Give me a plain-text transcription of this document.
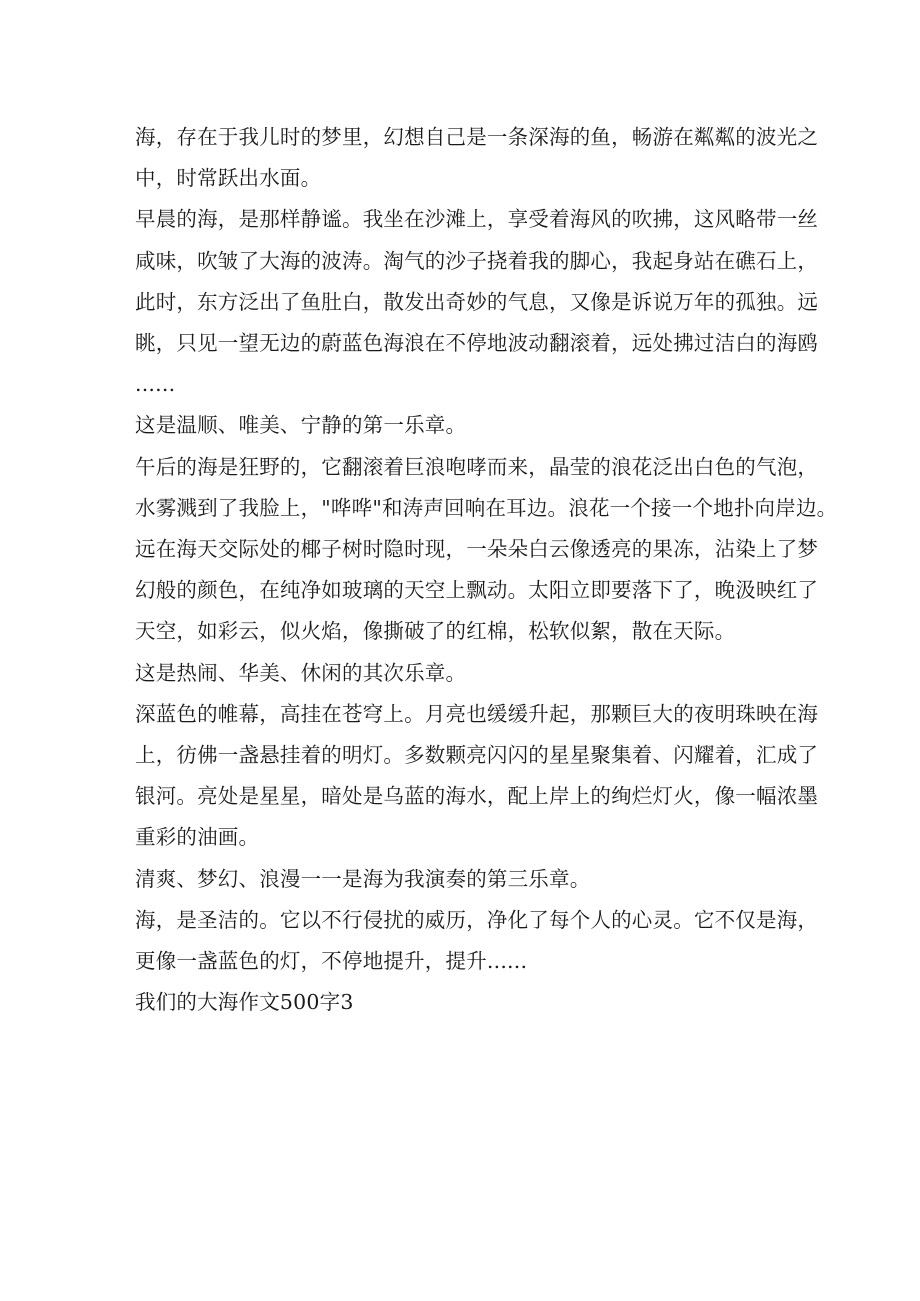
海，存在于我儿时的梦里，幻想自己是一条深海的鱼，畅游在粼粼的波光之
中，时常跃出水面。

早晨的海，是那样静谧。我坐在沙滩上，享受着海风的吹拂，这风略带一丝
咸味，吹皱了大海的波涛。淘气的沙子挠着我的脚心，我起身站在礁石上，
此时，东方泛出了鱼肚白，散发出奇妙的气息，又像是诉说万年的孤独。远
眺，只见一望无边的蔚蓝色海浪在不停地波动翻滚着，远处拂过洁白的海鸥
......

这是温顺、唯美、宁静的第一乐章。

午后的海是狂野的，它翻滚着巨浪咆哮而来，晶莹的浪花泛出白色的气泡，
水雾溅到了我脸上，"哗哗"和涛声回响在耳边。浪花一个接一个地扑向岸边。
远在海天交际处的椰子树时隐时现，一朵朵白云像透亮的果冻，沾染上了梦
幻般的颜色，在纯净如玻璃的天空上飘动。太阳立即要落下了，晚汲映红了
天空，如彩云，似火焰，像撕破了的红棉，松软似絮，散在天际。

这是热闹、华美、休闲的其次乐章。

深蓝色的帷幕，高挂在苍穹上。月亮也缓缓升起，那颗巨大的夜明珠映在海
上，彷佛一盏悬挂着的明灯。多数颗亮闪闪的星星聚集着、闪耀着，汇成了
银河。亮处是星星，暗处是乌蓝的海水，配上岸上的绚烂灯火，像一幅浓墨
重彩的油画。

清爽、梦幻、浪漫一一是海为我演奏的第三乐章。

海，是圣洁的。它以不行侵扰的威历，净化了每个人的心灵。它不仅是海，
更像一盏蓝色的灯，不停地提升，提升......

我们的大海作文500字3
